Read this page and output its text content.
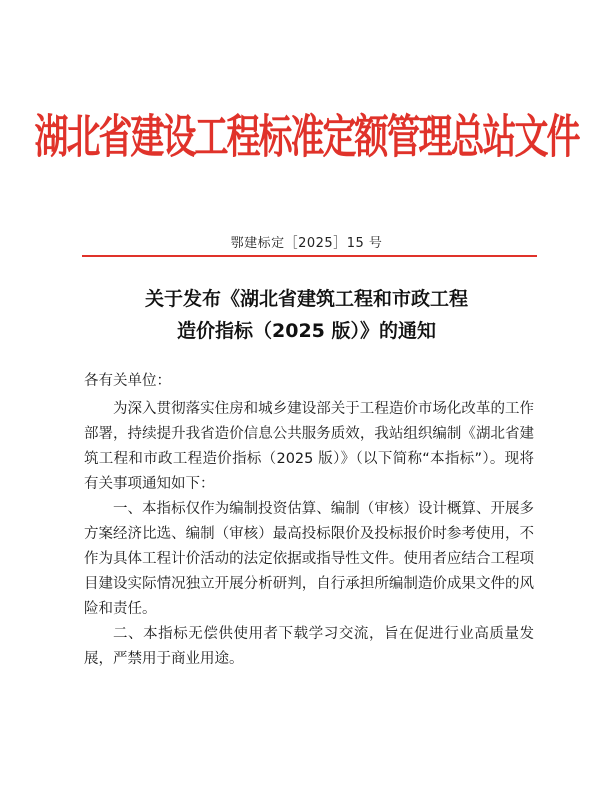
湖北省建设工程标准定额管理总站文件
鄂建标定［2025］15 号
关于发布《湖北省建筑工程和市政工程
造价指标（2025 版）》的通知

各有关单位：

为深入贯彻落实住房和城乡建设部关于工程造价市场化改革的工作部署，持续提升我省造价信息公共服务质效，我站组织编制《湖北省建筑工程和市政工程造价指标（2025 版）》（以下简称“本指标”）。现将有关事项通知如下：

一、本指标仅作为编制投资估算、编制（审核）设计概算、开展多方案经济比选、编制（审核）最高投标限价及投标报价时参考使用，不作为具体工程计价活动的法定依据或指导性文件。使用者应结合工程项目建设实际情况独立开展分析研判，自行承担所编制造价成果文件的风险和责任。

二、本指标无偿供使用者下载学习交流，旨在促进行业高质量发展，严禁用于商业用途。
